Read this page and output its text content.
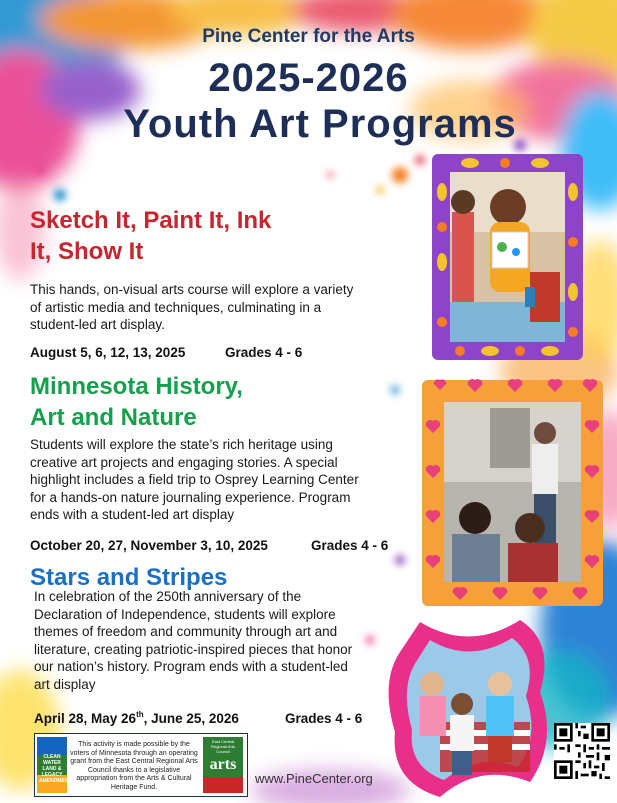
Pine Center for the Arts
2025-2026
Youth Art Programs
Sketch It, Paint It, Ink
It, Show It
This hands, on-visual arts course will explore a variety
of artistic media and techniques, culminating in a
student-led art display.
August 5, 6, 12, 13, 2025	Grades 4 - 6
Minnesota History,
Art and Nature
Students will explore the state’s rich heritage using
creative art projects and engaging stories. A special
highlight includes a field trip to Osprey Learning Center
for a hands-on nature journaling experience. Program
ends with a student-led art display
October 20, 27, November 3, 10, 2025	Grades 4 - 6
Stars and Stripes
In celebration of the 250th anniversary of the
Declaration of Independence, students will explore
themes of freedom and community through art and
literature, creating patriotic-inspired pieces that honor
our nation’s history. Program ends with a student-led
art display
April 28, May 26th, June 25, 2026	Grades 4 - 6
CLEAN WATER LAND & LEGACY AMENDMENT
This activity is made possible by the voters of Minnesota through an operating grant from the East Central Regional Arts Council thanks to a legislative appropriation from the Arts & Cultural Heritage Fund.
East Central Regional Arts Council
arts
www.PineCenter.org
